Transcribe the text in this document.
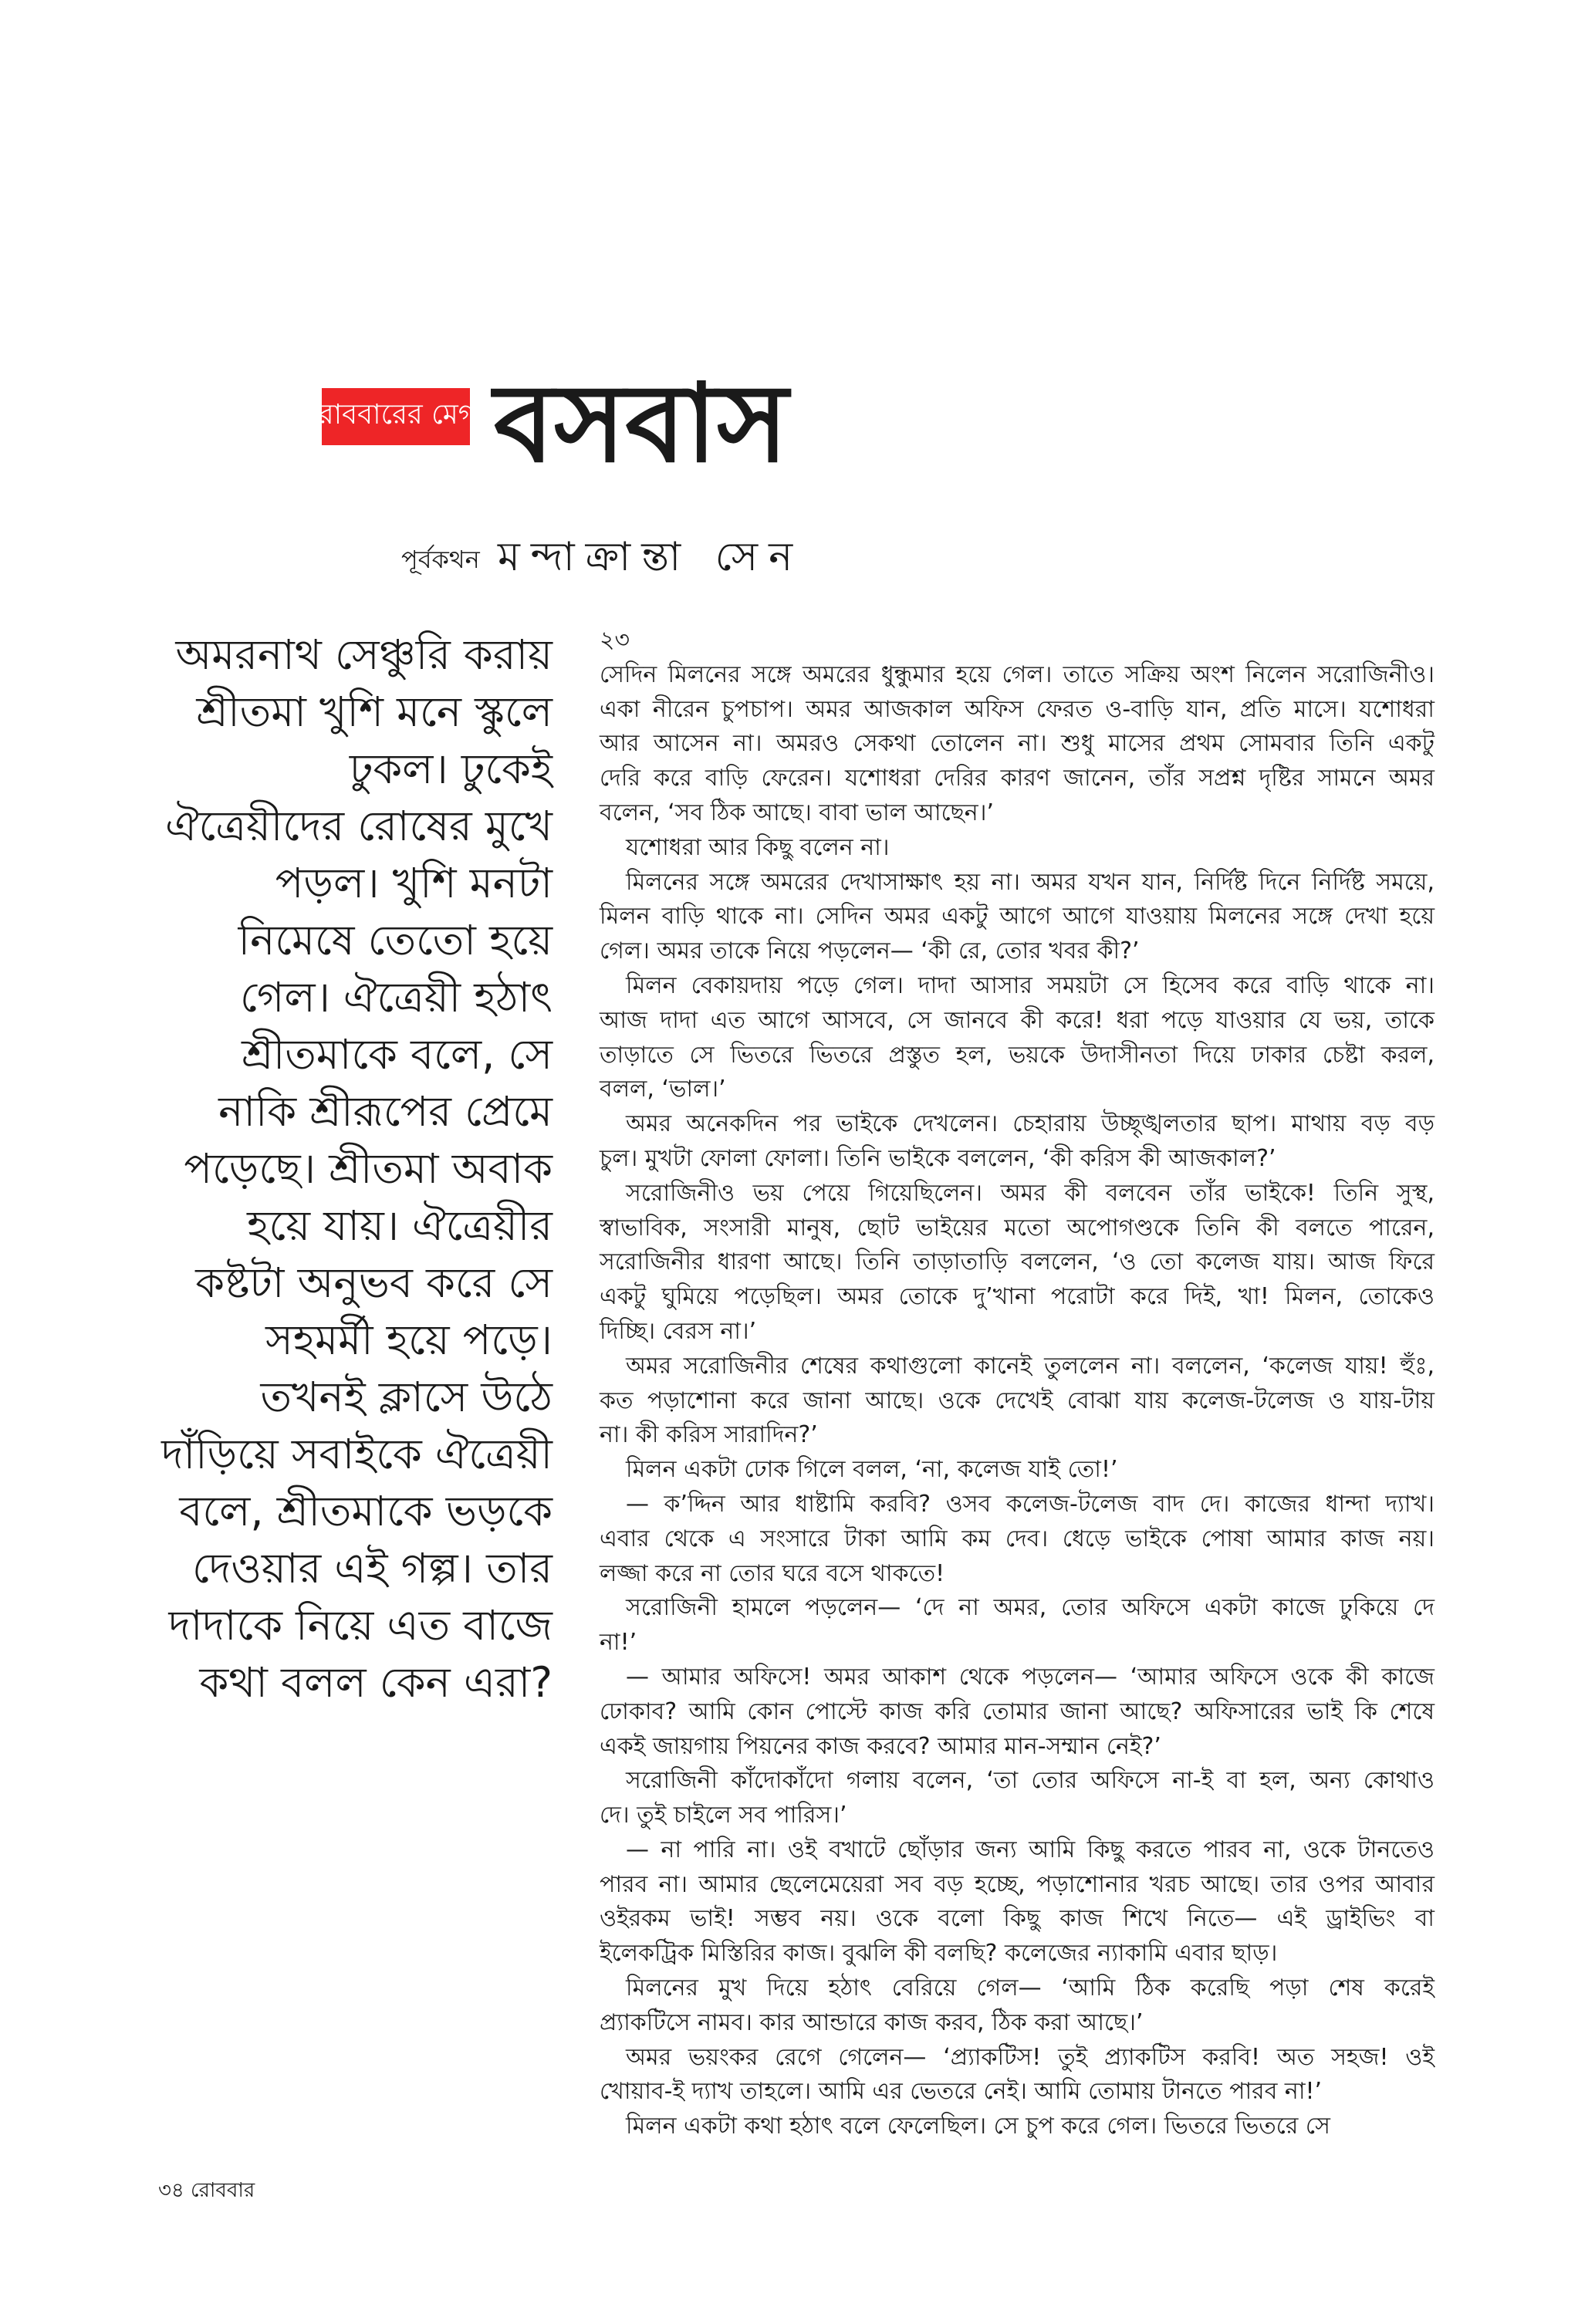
রোববারের মেগা বসবাস
পূর্বকথন মন্দাক্রান্তা সেন
অমরনাথ সেঞ্চুরি করায়
শ্রীতমা খুশি মনে স্কুলে
ঢুকল। ঢুকেই
ঐত্রেয়ীদের রোষের মুখে
পড়ল। খুশি মনটা
নিমেষে তেতো হয়ে
গেল। ঐত্রেয়ী হঠাৎ
শ্রীতমাকে বলে, সে
নাকি শ্রীরূপের প্রেমে
পড়েছে। শ্রীতমা অবাক
হয়ে যায়। ঐত্রেয়ীর
কষ্টটা অনুভব করে সে
সহমর্মী হয়ে পড়ে।
তখনই ক্লাসে উঠে
দাঁড়িয়ে সবাইকে ঐত্রেয়ী
বলে, শ্রীতমাকে ভড়কে
দেওয়ার এই গল্প। তার
দাদাকে নিয়ে এত বাজে
কথা বলল কেন এরা?
২৩
সেদিন মিলনের সঙ্গে অমরের ধুন্ধুমার হয়ে গেল। তাতে সক্রিয় অংশ নিলেন সরোজিনীও।
একা নীরেন চুপচাপ। অমর আজকাল অফিস ফেরত ও-বাড়ি যান, প্রতি মাসে। যশোধরা
আর আসেন না। অমরও সেকথা তোলেন না। শুধু মাসের প্রথম সোমবার তিনি একটু
দেরি করে বাড়ি ফেরেন। যশোধরা দেরির কারণ জানেন, তাঁর সপ্রশ্ন দৃষ্টির সামনে অমর
বলেন, ‘সব ঠিক আছে। বাবা ভাল আছেন।’
যশোধরা আর কিছু বলেন না।
মিলনের সঙ্গে অমরের দেখাসাক্ষাৎ হয় না। অমর যখন যান, নির্দিষ্ট দিনে নির্দিষ্ট সময়ে,
মিলন বাড়ি থাকে না। সেদিন অমর একটু আগে আগে যাওয়ায় মিলনের সঙ্গে দেখা হয়ে
গেল। অমর তাকে নিয়ে পড়লেন— ‘কী রে, তোর খবর কী?’
মিলন বেকায়দায় পড়ে গেল। দাদা আসার সময়টা সে হিসেব করে বাড়ি থাকে না।
আজ দাদা এত আগে আসবে, সে জানবে কী করে! ধরা পড়ে যাওয়ার যে ভয়, তাকে
তাড়াতে সে ভিতরে ভিতরে প্রস্তুত হল, ভয়কে উদাসীনতা দিয়ে ঢাকার চেষ্টা করল,
বলল, ‘ভাল।’
অমর অনেকদিন পর ভাইকে দেখলেন। চেহারায় উচ্ছৃঙ্খলতার ছাপ। মাথায় বড় বড়
চুল। মুখটা ফোলা ফোলা। তিনি ভাইকে বললেন, ‘কী করিস কী আজকাল?’
সরোজিনীও ভয় পেয়ে গিয়েছিলেন। অমর কী বলবেন তাঁর ভাইকে! তিনি সুস্থ,
স্বাভাবিক, সংসারী মানুষ, ছোট ভাইয়ের মতো অপোগণ্ডকে তিনি কী বলতে পারেন,
সরোজিনীর ধারণা আছে। তিনি তাড়াতাড়ি বললেন, ‘ও তো কলেজ যায়। আজ ফিরে
একটু ঘুমিয়ে পড়েছিল। অমর তোকে দু’খানা পরোটা করে দিই, খা! মিলন, তোকেও
দিচ্ছি। বেরস না।’
অমর সরোজিনীর শেষের কথাগুলো কানেই তুললেন না। বললেন, ‘কলেজ যায়! হুঁঃ,
কত পড়াশোনা করে জানা আছে। ওকে দেখেই বোঝা যায় কলেজ-টলেজ ও যায়-টায়
না। কী করিস সারাদিন?’
মিলন একটা ঢোক গিলে বলল, ‘না, কলেজ যাই তো!’
— ক’দ্দিন আর ধাষ্টামি করবি? ওসব কলেজ-টলেজ বাদ দে। কাজের ধান্দা দ্যাখ।
এবার থেকে এ সংসারে টাকা আমি কম দেব। ধেড়ে ভাইকে পোষা আমার কাজ নয়।
লজ্জা করে না তোর ঘরে বসে থাকতে!
সরোজিনী হামলে পড়লেন— ‘দে না অমর, তোর অফিসে একটা কাজে ঢুকিয়ে দে
না!’
— আমার অফিসে! অমর আকাশ থেকে পড়লেন— ‘আমার অফিসে ওকে কী কাজে
ঢোকাব? আমি কোন পোস্টে কাজ করি তোমার জানা আছে? অফিসারের ভাই কি শেষে
একই জায়গায় পিয়নের কাজ করবে? আমার মান-সম্মান নেই?’
সরোজিনী কাঁদোকাঁদো গলায় বলেন, ‘তা তোর অফিসে না-ই বা হল, অন্য কোথাও
দে। তুই চাইলে সব পারিস।’
— না পারি না। ওই বখাটে ছোঁড়ার জন্য আমি কিছু করতে পারব না, ওকে টানতেও
পারব না। আমার ছেলেমেয়েরা সব বড় হচ্ছে, পড়াশোনার খরচ আছে। তার ওপর আবার
ওইরকম ভাই! সম্ভব নয়। ওকে বলো কিছু কাজ শিখে নিতে— এই ড্রাইভিং বা
ইলেকট্রিক মিস্তিরির কাজ। বুঝলি কী বলছি? কলেজের ন্যাকামি এবার ছাড়।
মিলনের মুখ দিয়ে হঠাৎ বেরিয়ে গেল— ‘আমি ঠিক করেছি পড়া শেষ করেই
প্র্যাকটিসে নামব। কার আন্ডারে কাজ করব, ঠিক করা আছে।’
অমর ভয়ংকর রেগে গেলেন— ‘প্র্যাকটিস! তুই প্র্যাকটিস করবি! অত সহজ! ওই
খোয়াব-ই দ্যাখ তাহলে। আমি এর ভেতরে নেই। আমি তোমায় টানতে পারব না!’
মিলন একটা কথা হঠাৎ বলে ফেলেছিল। সে চুপ করে গেল। ভিতরে ভিতরে সে
৩৪ রোববার
